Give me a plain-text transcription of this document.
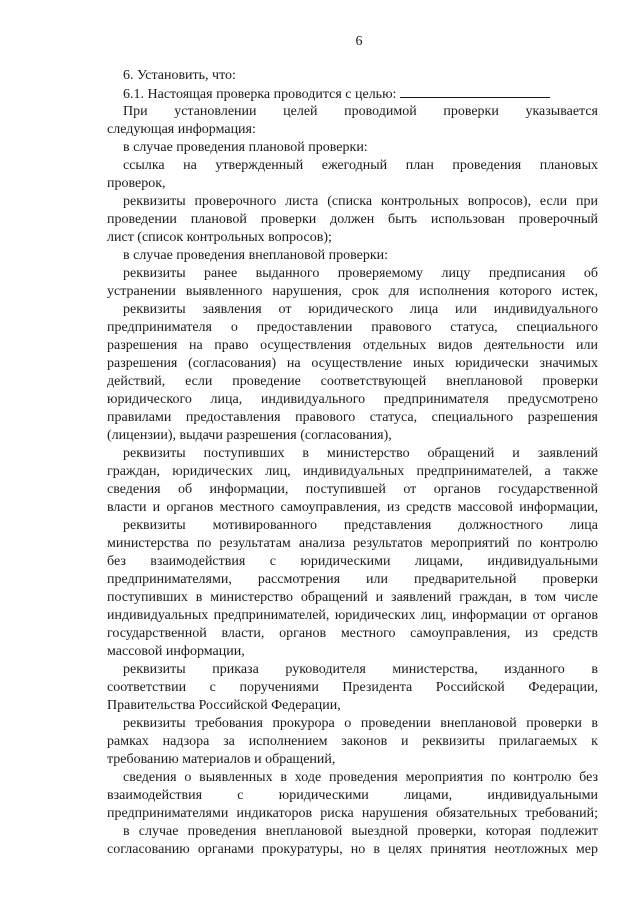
6
6. Установить, что:
6.1. Настоящая проверка проводится с целью:
При установлении целей проводимой проверки указывается
следующая информация:
в случае проведения плановой проверки:
ссылка на утвержденный ежегодный план проведения плановых
проверок,
реквизиты проверочного листа (списка контрольных вопросов), если при
проведении плановой проверки должен быть использован проверочный
лист (список контрольных вопросов);
в случае проведения внеплановой проверки:
реквизиты ранее выданного проверяемому лицу предписания об
устранении выявленного нарушения, срок для исполнения которого истек,
реквизиты заявления от юридического лица или индивидуального
предпринимателя о предоставлении правового статуса, специального
разрешения на право осуществления отдельных видов деятельности или
разрешения (согласования) на осуществление иных юридически значимых
действий, если проведение соответствующей внеплановой проверки
юридического лица, индивидуального предпринимателя предусмотрено
правилами предоставления правового статуса, специального разрешения
(лицензии), выдачи разрешения (согласования),
реквизиты поступивших в министерство обращений и заявлений
граждан, юридических лиц, индивидуальных предпринимателей, а также
сведения об информации, поступившей от органов государственной
власти и органов местного самоуправления, из средств массовой информации,
реквизиты мотивированного представления должностного лица
министерства по результатам анализа результатов мероприятий по контролю
без взаимодействия с юридическими лицами, индивидуальными
предпринимателями, рассмотрения или предварительной проверки
поступивших в министерство обращений и заявлений граждан, в том числе
индивидуальных предпринимателей, юридических лиц, информации от органов
государственной власти, органов местного самоуправления, из средств
массовой информации,
реквизиты приказа руководителя министерства, изданного в
соответствии с поручениями Президента Российской Федерации,
Правительства Российской Федерации,
реквизиты требования прокурора о проведении внеплановой проверки в
рамках надзора за исполнением законов и реквизиты прилагаемых к
требованию материалов и обращений,
сведения о выявленных в ходе проведения мероприятия по контролю без
взаимодействия с юридическими лицами, индивидуальными
предпринимателями индикаторов риска нарушения обязательных требований;
в случае проведения внеплановой выездной проверки, которая подлежит
согласованию органами прокуратуры, но в целях принятия неотложных мер
